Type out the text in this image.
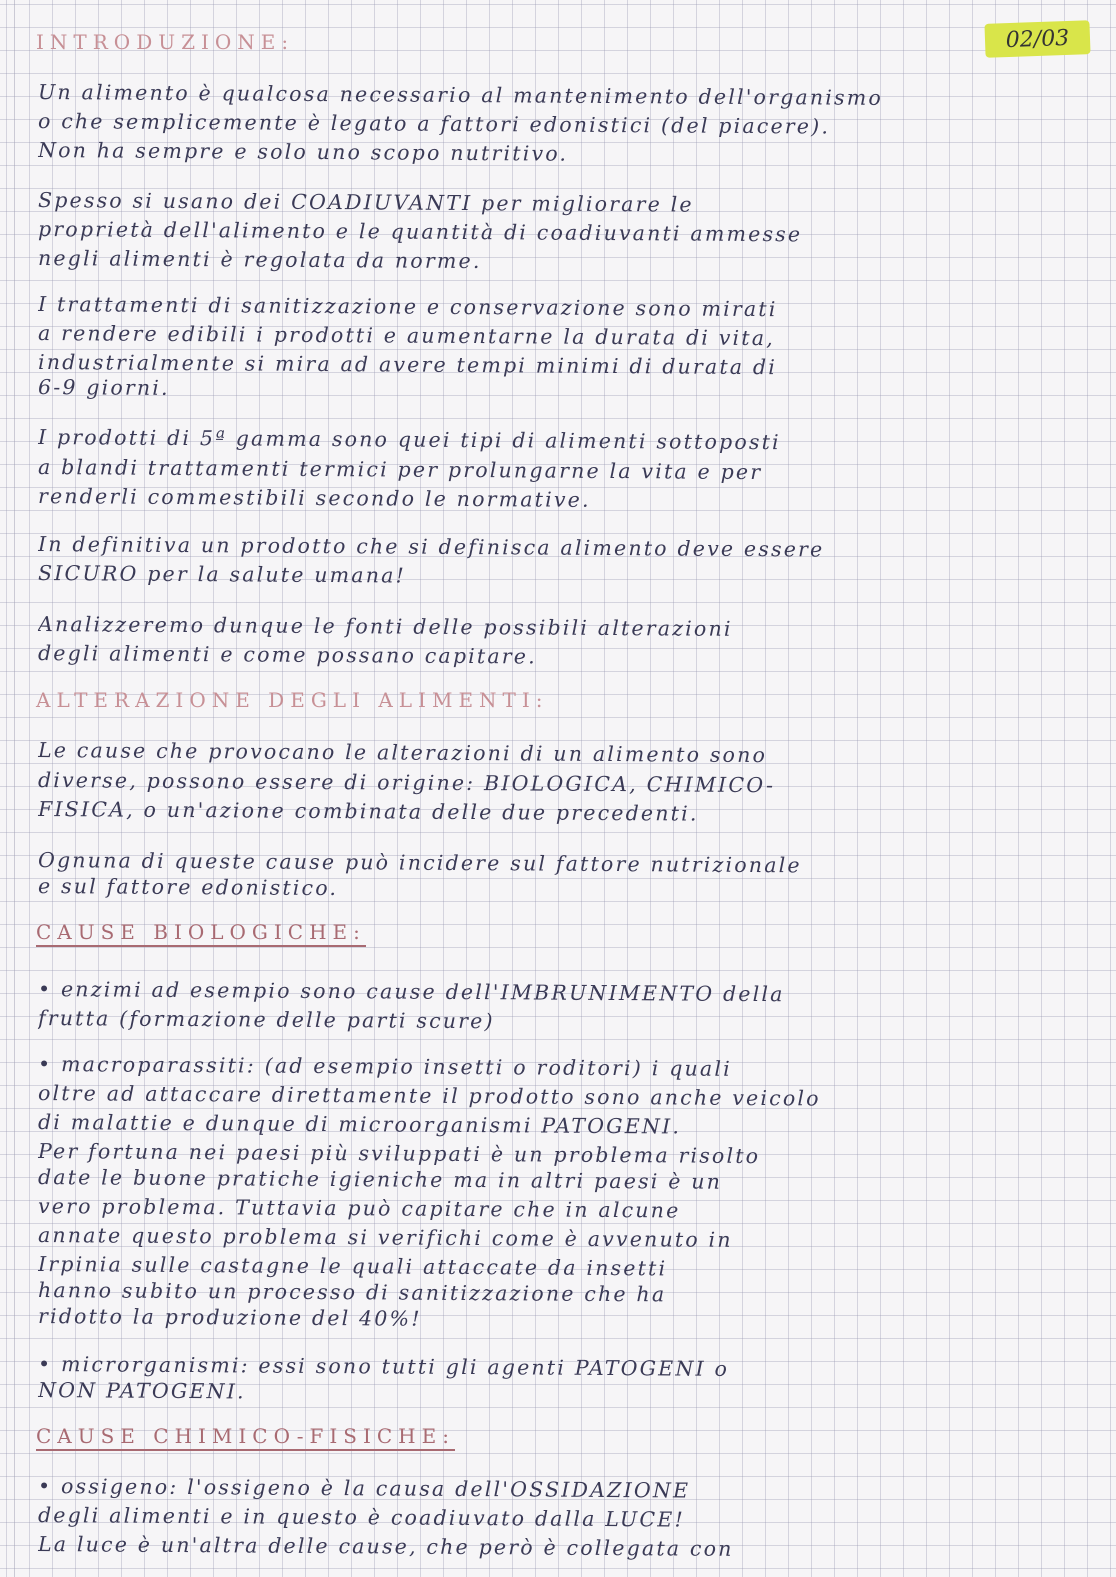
02/03
INTRODUZIONE:
Un alimento è qualcosa necessario al mantenimento dell'organismo
o che semplicemente è legato a fattori edonistici (del piacere).
Non ha sempre e solo uno scopo nutritivo.
Spesso si usano dei COADIUVANTI per migliorare le
proprietà dell'alimento e le quantità di coadiuvanti ammesse
negli alimenti è regolata da norme.
I trattamenti di sanitizzazione e conservazione sono mirati
a rendere edibili i prodotti e aumentarne la durata di vita,
industrialmente si mira ad avere tempi minimi di durata di
6-9 giorni.
I prodotti di 5ª gamma sono quei tipi di alimenti sottoposti
a blandi trattamenti termici per prolungarne la vita e per
renderli commestibili secondo le normative.
In definitiva un prodotto che si definisca alimento deve essere
SICURO per la salute umana!
Analizzeremo dunque le fonti delle possibili alterazioni
degli alimenti e come possano capitare.
ALTERAZIONE DEGLI ALIMENTI:
Le cause che provocano le alterazioni di un alimento sono
diverse, possono essere di origine: BIOLOGICA, CHIMICO-
FISICA, o un'azione combinata delle due precedenti.
Ognuna di queste cause può incidere sul fattore nutrizionale
e sul fattore edonistico.
CAUSE BIOLOGICHE:
• enzimi ad esempio sono cause dell'IMBRUNIMENTO della
frutta (formazione delle parti scure)
• macroparassiti: (ad esempio insetti o roditori) i quali
oltre ad attaccare direttamente il prodotto sono anche veicolo
di malattie e dunque di microorganismi PATOGENI.
Per fortuna nei paesi più sviluppati è un problema risolto
date le buone pratiche igieniche ma in altri paesi è un
vero problema. Tuttavia può capitare che in alcune
annate questo problema si verifichi come è avvenuto in
Irpinia sulle castagne le quali attaccate da insetti
hanno subito un processo di sanitizzazione che ha
ridotto la produzione del 40%!
• microrganismi: essi sono tutti gli agenti PATOGENI o
NON PATOGENI.
CAUSE CHIMICO-FISICHE:
• ossigeno: l'ossigeno è la causa dell'OSSIDAZIONE
degli alimenti e in questo è coadiuvato dalla LUCE!
La luce è un'altra delle cause, che però è collegata con
